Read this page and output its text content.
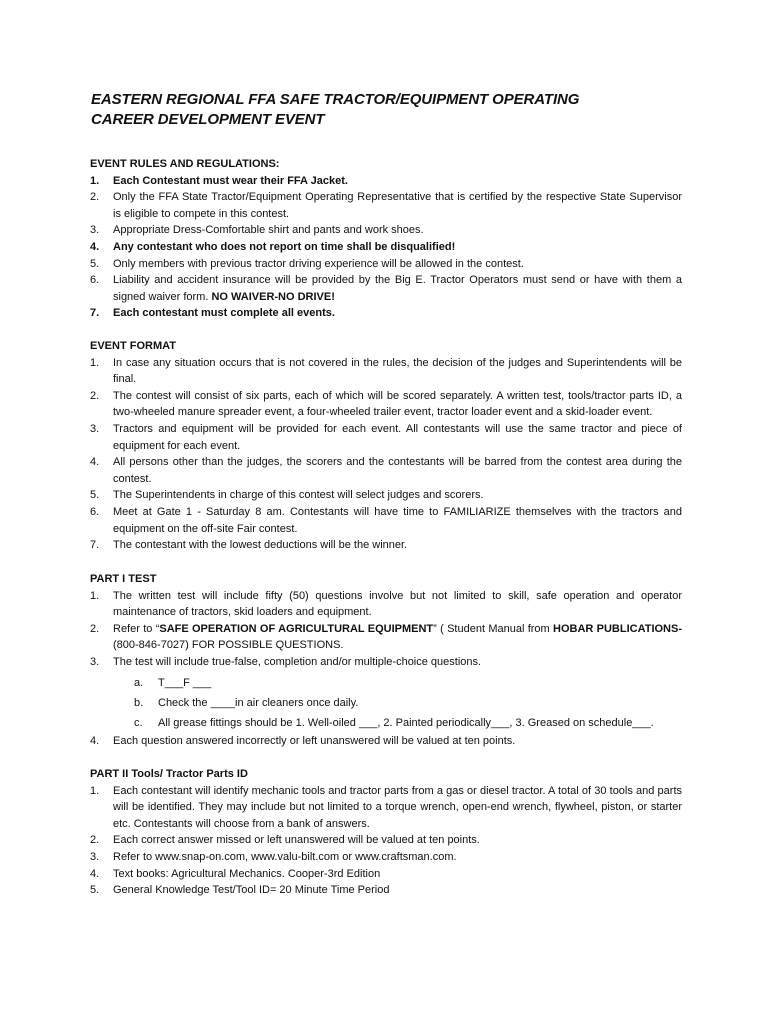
EASTERN REGIONAL FFA SAFE TRACTOR/EQUIPMENT OPERATING
CAREER DEVELOPMENT EVENT
EVENT RULES AND REGULATIONS:
1.	Each Contestant must wear their FFA Jacket.
2.	Only the FFA State Tractor/Equipment Operating Representative that is certified by the respective State Supervisor is eligible to compete in this contest.
3.	Appropriate Dress-Comfortable shirt and pants and work shoes.
4.	Any contestant who does not report on time shall be disqualified!
5.	Only members with previous tractor driving experience will be allowed in the contest.
6.	Liability and accident insurance will be provided by the Big E. Tractor Operators must send or have with them a signed waiver form. NO WAIVER-NO DRIVE!
7.	Each contestant must complete all events.
EVENT FORMAT
1.	In case any situation occurs that is not covered in the rules, the decision of the judges and Superintendents will be final.
2.	The contest will consist of six parts, each of which will be scored separately. A written test, tools/tractor parts ID, a two-wheeled manure spreader event, a four-wheeled trailer event, tractor loader event and a skid-loader event.
3.	Tractors and equipment will be provided for each event. All contestants will use the same tractor and piece of equipment for each event.
4.	All persons other than the judges, the scorers and the contestants will be barred from the contest area during the contest.
5.	The Superintendents in charge of this contest will select judges and scorers.
6.	Meet at Gate 1 - Saturday 8 am. Contestants will have time to FAMILIARIZE themselves with the tractors and equipment on the off-site Fair contest.
7.	The contestant with the lowest deductions will be the winner.
PART I TEST
1.	The written test will include fifty (50) questions involve but not limited to skill, safe operation and operator maintenance of tractors, skid loaders and equipment.
2.	Refer to “SAFE OPERATION OF AGRICULTURAL EQUIPMENT” ( Student Manual from HOBAR PUBLICATIONS- (800-846-7027) FOR POSSIBLE QUESTIONS.
3.	The test will include true-false, completion and/or multiple-choice questions.
a.	T___F ___
b.	Check the ____in air cleaners once daily.
c.	All grease fittings should be 1. Well-oiled ___, 2. Painted periodically___, 3. Greased on schedule___.
4.	Each question answered incorrectly or left unanswered will be valued at ten points.
PART II Tools/ Tractor Parts ID
1.	Each contestant will identify mechanic tools and tractor parts from a gas or diesel tractor. A total of 30 tools and parts will be identified. They may include but not limited to a torque wrench, open-end wrench, flywheel, piston, or starter etc. Contestants will choose from a bank of answers.
2.	Each correct answer missed or left unanswered will be valued at ten points.
3.	Refer to www.snap-on.com, www.valu-bilt.com or www.craftsman.com.
4.	Text books: Agricultural Mechanics. Cooper-3rd Edition
5.	General Knowledge Test/Tool ID= 20 Minute Time Period
